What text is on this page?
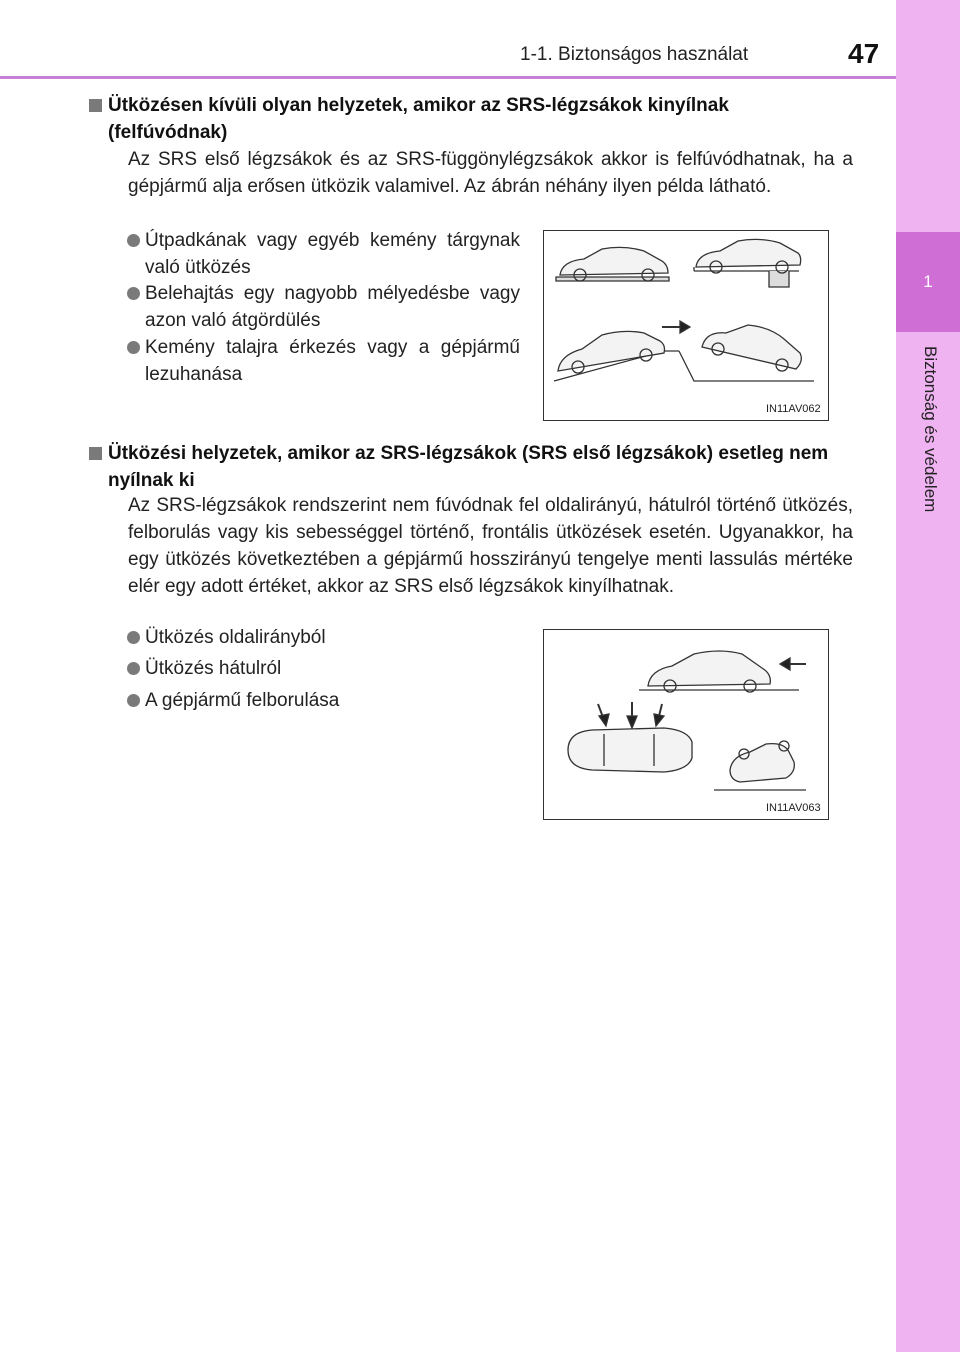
1-1. Biztonságos használat	47
1
Biztonság és védelem
Ütközésen kívüli olyan helyzetek, amikor az SRS-légzsákok kinyílnak (felfúvódnak)
Az SRS első légzsákok és az SRS-függönylégzsákok akkor is felfúvódhatnak, ha a gépjármű alja erősen ütközik valamivel. Az ábrán néhány ilyen példa látható.
Útpadkának vagy egyéb kemény tárgynak való ütközés
Belehajtás egy nagyobb mélyedésbe vagy azon való átgördülés
Kemény talajra érkezés vagy a gépjármű lezuhanása
IN11AV062
Ütközési helyzetek, amikor az SRS-légzsákok (SRS első légzsákok) esetleg nem nyílnak ki
Az SRS-légzsákok rendszerint nem fúvódnak fel oldalirányú, hátulról történő ütközés, felborulás vagy kis sebességgel történő, frontális ütközések esetén. Ugyanakkor, ha egy ütközés következtében a gépjármű hosszirányú tengelye menti lassulás mértéke elér egy adott értéket, akkor az SRS első légzsákok kinyílhatnak.
Ütközés oldalirányból
Ütközés hátulról
A gépjármű felborulása
IN11AV063
